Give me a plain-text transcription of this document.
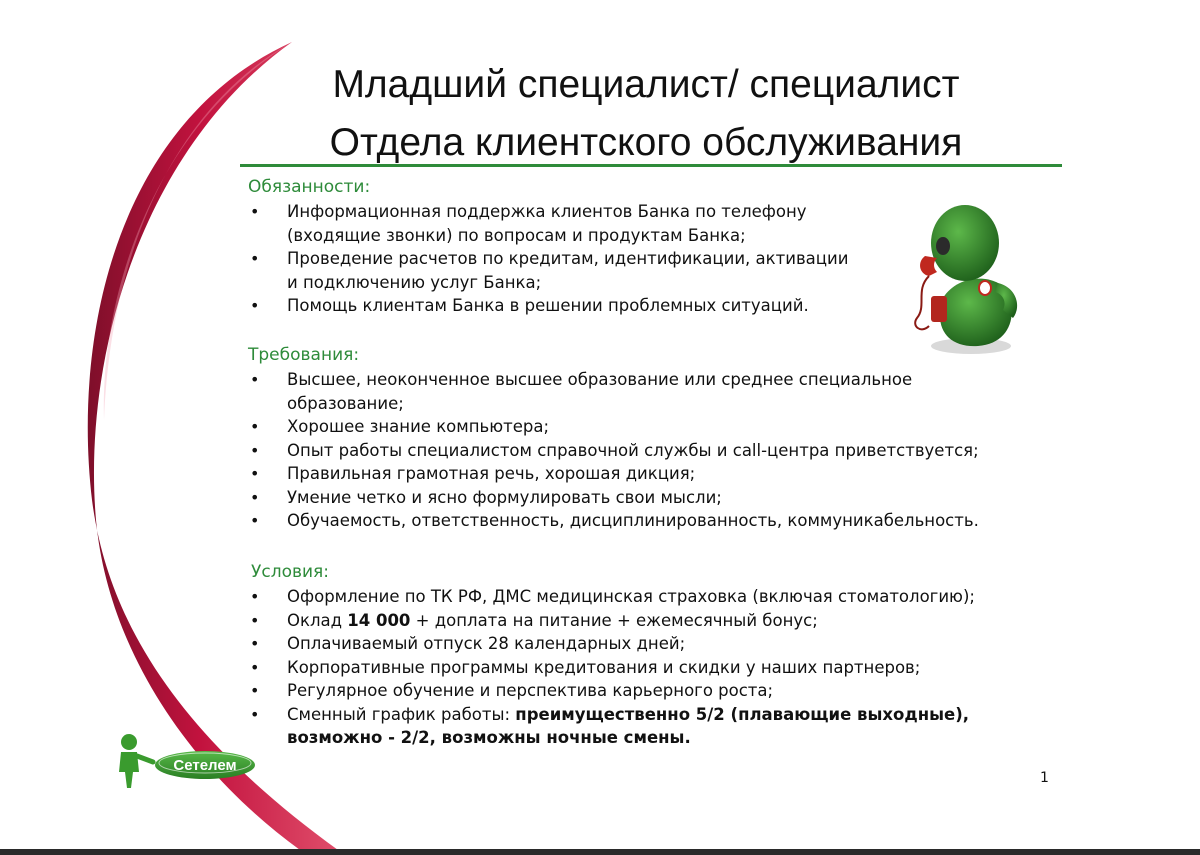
Младший специалист/ специалист
Отдела клиентского обслуживания
Обязанности:
• Информационная поддержка клиентов Банка по телефону
(входящие звонки) по вопросам и продуктам Банка;
• Проведение расчетов по кредитам, идентификации, активации
и подключению услуг Банка;
• Помощь клиентам Банка в решении проблемных ситуаций.
Требования:
• Высшее, неоконченное высшее образование или среднее специальное
образование;
• Хорошее знание компьютера;
• Опыт работы специалистом справочной службы и call-центра приветствуется;
• Правильная грамотная речь, хорошая дикция;
• Умение четко и ясно формулировать свои мысли;
• Обучаемость, ответственность, дисциплинированность, коммуникабельность.
Условия:
• Оформление по ТК РФ, ДМС медицинская страховка (включая стоматологию);
• Оклад 14 000 + доплата на питание + ежемесячный бонус;
• Оплачиваемый отпуск 28 календарных дней;
• Корпоративные программы кредитования и скидки у наших партнеров;
• Регулярное обучение и перспектива карьерного роста;
• Сменный график работы: преимущественно 5/2 (плавающие выходные),
возможно - 2/2, возможны ночные смены.
Сетелем
1
